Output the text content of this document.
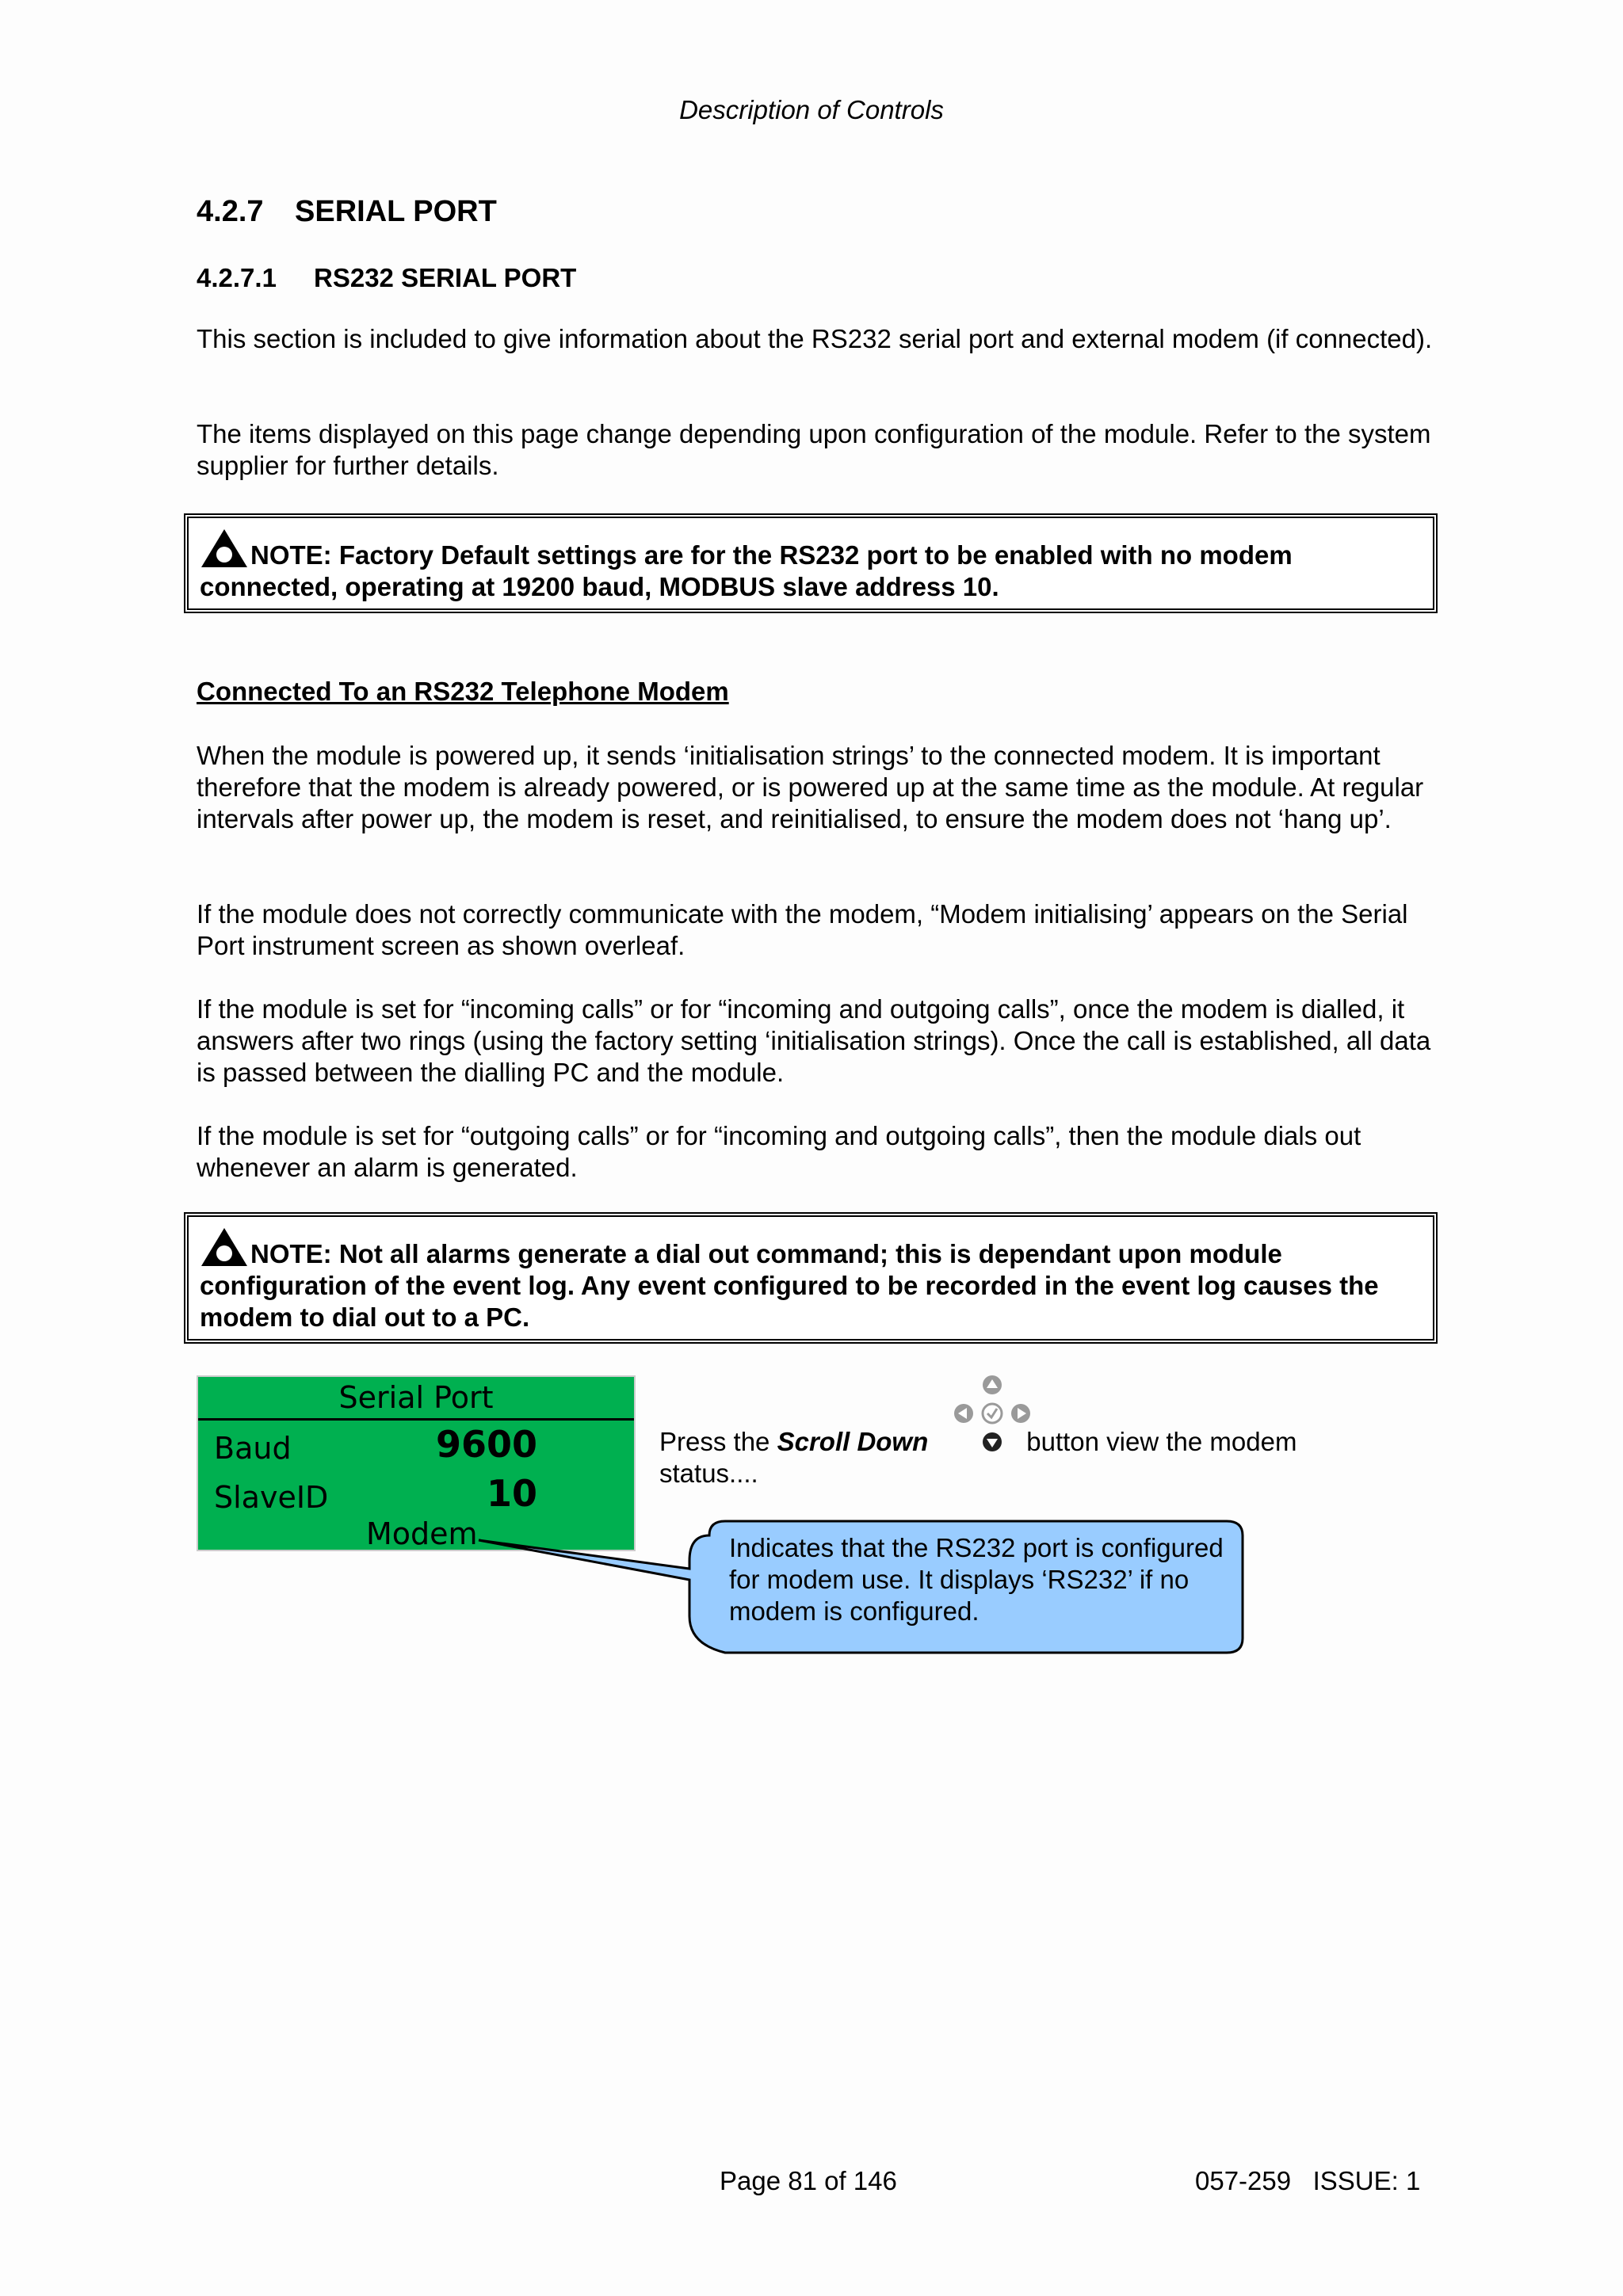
Description of Controls
4.2.7 SERIAL PORT
4.2.7.1 RS232 SERIAL PORT

This section is included to give information about the RS232 serial port and external modem (if connected).

The items displayed on this page change depending upon configuration of the module. Refer to the system supplier for further details.

NOTE: Factory Default settings are for the RS232 port to be enabled with no modem connected, operating at 19200 baud, MODBUS slave address 10.
Connected To an RS232 Telephone Modem

When the module is powered up, it sends ‘initialisation strings’ to the connected modem. It is important therefore that the modem is already powered, or is powered up at the same time as the module. At regular intervals after power up, the modem is reset, and reinitialised, to ensure the modem does not ‘hang up’.

If the module does not correctly communicate with the modem, “Modem initialising’ appears on the Serial Port instrument screen as shown overleaf.

If the module is set for “incoming calls” or for “incoming and outgoing calls”, once the modem is dialled, it answers after two rings (using the factory setting ‘initialisation strings). Once the call is established, all data is passed between the dialling PC and the module.

If the module is set for “outgoing calls” or for “incoming and outgoing calls”, then the module dials out whenever an alarm is generated.

NOTE: Not all alarms generate a dial out command; this is dependant upon module configuration of the event log. Any event configured to be recorded in the event log causes the modem to dial out to a PC.
Serial Port
Baud	9600
SlaveID	10
Modem
Press the Scroll Down	button view the modem
status....
Indicates that the RS232 port is configured for modem use. It displays ‘RS232’ if no modem is configured.
Page 81 of 146	057-259   ISSUE: 1
